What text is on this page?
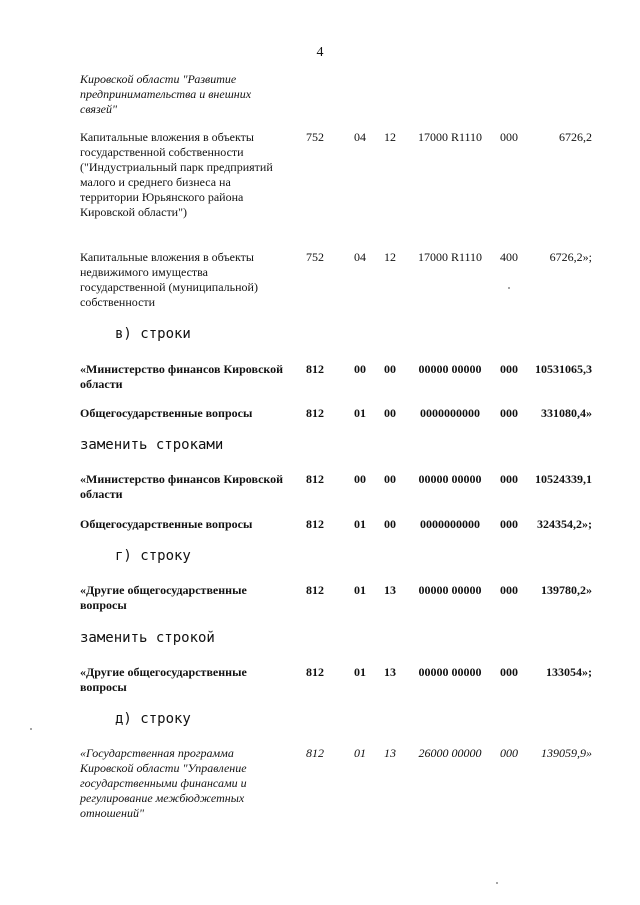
4
Кировской области "Развитие предпринимательства и внешних связей"
Капитальные вложения в объекты государственной собственности ("Индустриальный парк предприятий малого и среднего бизнеса на территории Юрьянского района Кировской области")
752	04	12	17000 R1110	000	6726,2
Капитальные вложения в объекты недвижимого имущества государственной (муниципальной) собственности
752	04	12	17000 R1110	400	6726,2»;
в) строки
«Министерство финансов Кировской области
812	00	00	00000 00000	000 10531065,3
Общегосударственные вопросы	812	01	00	0000000000	000 331080,4»
заменить строками
«Министерство финансов Кировской области
812	00	00	00000 00000	000 10524339,1
Общегосударственные вопросы	812	01	00	0000000000	000 324354,2»;
г) строку
«Другие общегосударственные вопросы
812	01	13	00000 00000	000 139780,2»
заменить строкой
«Другие общегосударственные вопросы
812	01	13	00000 00000	000 133054»;
д) строку
«Государственная программа Кировской области "Управление государственными финансами и регулирование межбюджетных отношений"
812	01	13	26000 00000	000 139059,9»
